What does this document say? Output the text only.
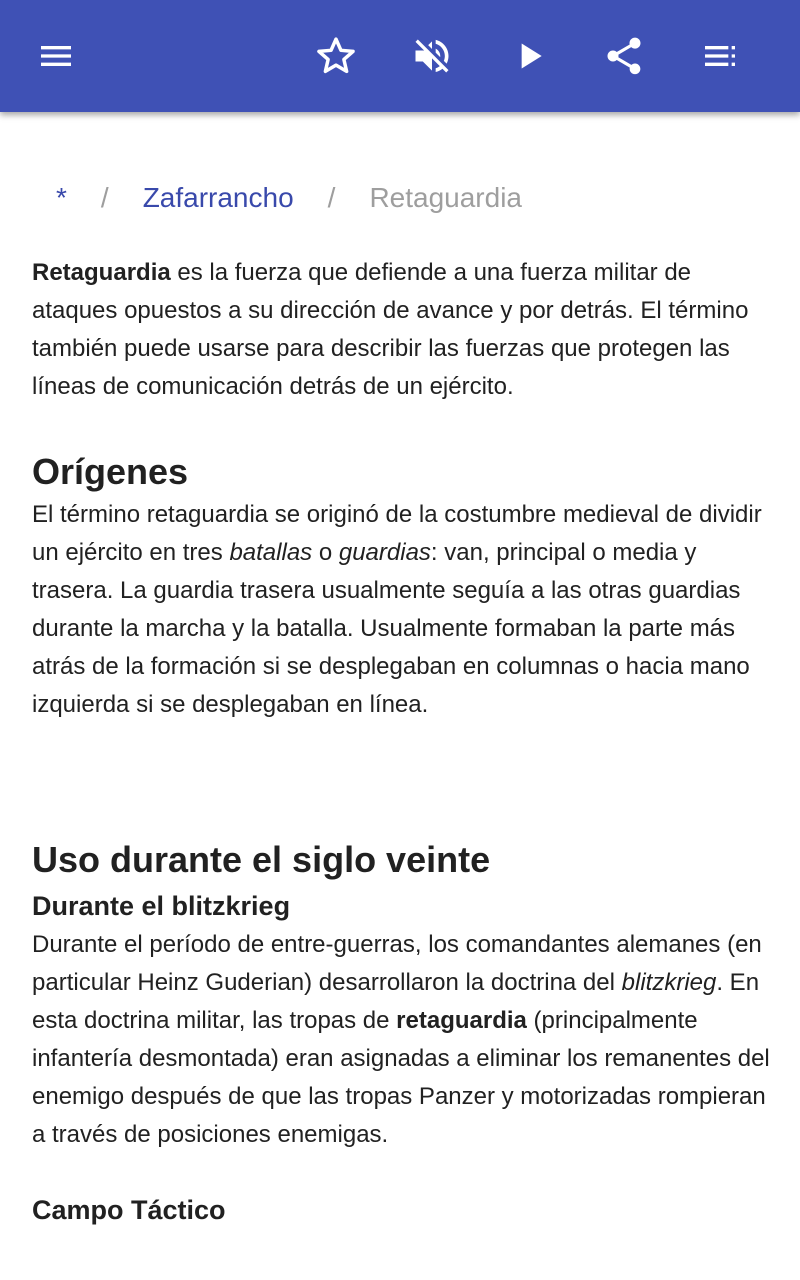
* / Zafarrancho / Retaguardia

Retaguardia es la fuerza que defiende a una fuerza militar de ataques opuestos a su dirección de avance y por detrás. El término también puede usarse para describir las fuerzas que protegen las líneas de comunicación detrás de un ejército.

Orígenes

El término retaguardia se originó de la costumbre medieval de dividir un ejército en tres batallas o guardias: van, principal o media y trasera. La guardia trasera usualmente seguía a las otras guardias durante la marcha y la batalla. Usualmente formaban la parte más atrás de la formación si se desplegaban en columnas o hacia mano izquierda si se desplegaban en línea.

Uso durante el siglo veinte
Durante el blitzkrieg

Durante el período de entre-guerras, los comandantes alemanes (en particular Heinz Guderian) desarrollaron la doctrina del blitzkrieg. En esta doctrina militar, las tropas de retaguardia (principalmente infantería desmontada) eran asignadas a eliminar los remanentes del enemigo después de que las tropas Panzer y motorizadas rompieran a través de posiciones enemigas.

Campo Táctico
